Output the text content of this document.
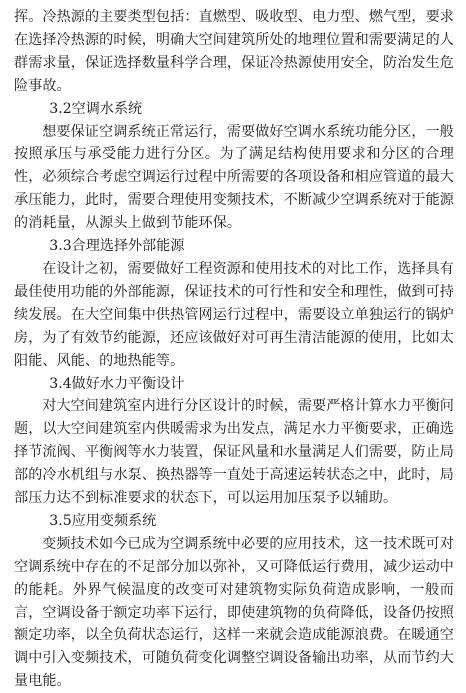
挥。冷热源的主要类型包括：直燃型、吸收型、电力型、燃气型，要求在选择冷热源的时候，明确大空间建筑所处的地理位置和需要满足的人群需求量，保证选择数量科学合理，保证冷热源使用安全，防治发生危险事故。

3.2空调水系统

想要保证空调系统正常运行，需要做好空调水系统功能分区，一般按照承压与承受能力进行分区。为了满足结构使用要求和分区的合理性，必须综合考虑空调运行过程中所需要的各项设备和相应管道的最大承压能力，此时，需要合理使用变频技术，不断减少空调系统对于能源的消耗量，从源头上做到节能环保。

3.3合理选择外部能源

在设计之初，需要做好工程资源和使用技术的对比工作，选择具有最佳使用功能的外部能源，保证技术的可行性和安全和理性，做到可持续发展。在大空间集中供热管网运行过程中，需要设立单独运行的锅炉房，为了有效节约能源，还应该做好对可再生清洁能源的使用，比如太阳能、风能、的地热能等。

3.4做好水力平衡设计

对大空间建筑室内进行分区设计的时候，需要严格计算水力平衡问题，以大空间建筑室内供暖需求为出发点，满足水力平衡要求，正确选择节流阀、平衡阀等水力装置，保证风量和水量满足人们需要，防止局部的冷水机组与水泵、换热器等一直处于高速运转状态之中，此时，局部压力达不到标准要求的状态下，可以运用加压泵予以辅助。

3.5应用变频系统

变频技术如今已成为空调系统中必要的应用技术，这一技术既可对空调系统中存在的不足部分加以弥补，又可降低运行费用，减少运动中的能耗。外界气候温度的改变可对建筑物实际负荷造成影响，一般而言，空调设备于额定功率下运行，即使建筑物的负荷降低，设备仍按照额定功率，以全负荷状态运行，这样一来就会造成能源浪费。在暖通空调中引入变频技术，可随负荷变化调整空调设备输出功率，从而节约大量电能。
